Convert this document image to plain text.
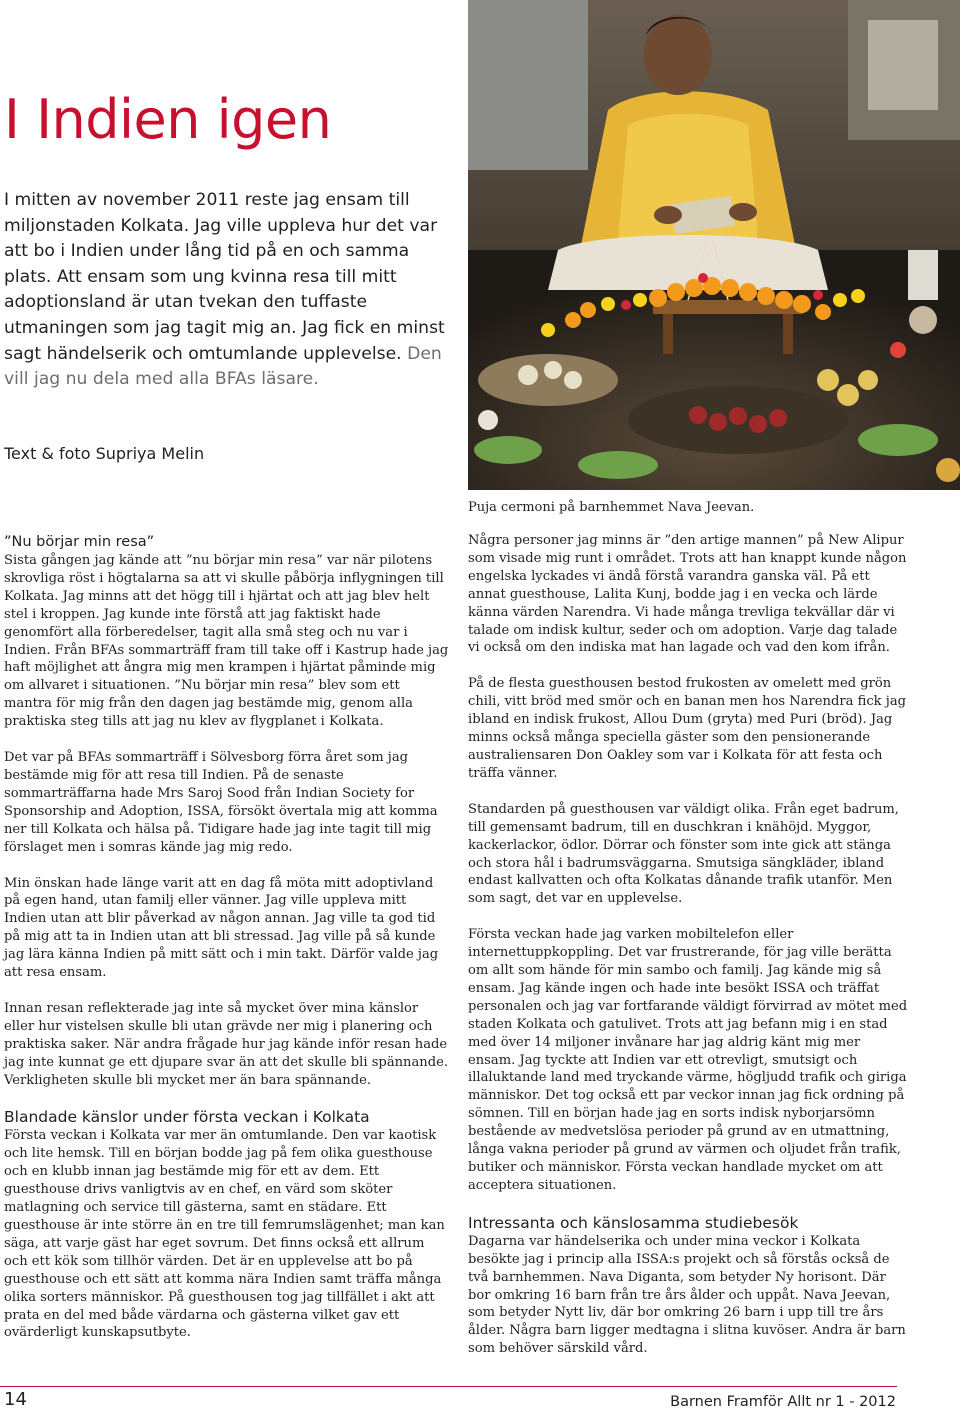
I Indien igen

I mitten av november 2011 reste jag ensam till miljonstaden Kolkata. Jag ville uppleva hur det var att bo i Indien under lång tid på en och samma plats. Att ensam som ung kvinna resa till mitt adoptionsland är utan tvekan den tuffaste utmaningen som jag tagit mig an. Jag fick en minst sagt händelserik och omtumlande upplevelse. Den vill jag nu dela med alla BFAs läsare.

Text & foto Supriya Melin

Puja cermoni på barnhemmet Nava Jeevan.

”Nu börjar min resa”

Sista gången jag kände att ”nu börjar min resa” var när pilotens skrovliga röst i högtalarna sa att vi skulle påbörja inflygningen till Kolkata. Jag minns att det högg till i hjärtat och att jag blev helt stel i kroppen. Jag kunde inte förstå att jag faktiskt hade genomfört alla förberedelser, tagit alla små steg och nu var i Indien. Från BFAs sommarträff fram till take off i Kastrup hade jag haft möjlighet att ångra mig men krampen i hjärtat påminde mig om allvaret i situationen. ”Nu börjar min resa” blev som ett mantra för mig från den dagen jag bestämde mig, genom alla praktiska steg tills att jag nu klev av flygplanet i Kolkata.

Det var på BFAs sommarträff i Sölvesborg förra året som jag bestämde mig för att resa till Indien. På de senaste sommarträffarna hade Mrs Saroj Sood från Indian Society for Sponsorship and Adoption, ISSA, försökt övertala mig att komma ner till Kolkata och hälsa på. Tidigare hade jag inte tagit till mig förslaget men i somras kände jag mig redo.

Min önskan hade länge varit att en dag få möta mitt adoptivland på egen hand, utan familj eller vänner. Jag ville uppleva mitt Indien utan att blir påverkad av någon annan. Jag ville ta god tid på mig att ta in Indien utan att bli stressad. Jag ville på så kunde jag lära känna Indien på mitt sätt och i min takt. Därför valde jag att resa ensam.

Innan resan reflekterade jag inte så mycket över mina känslor eller hur vistelsen skulle bli utan grävde ner mig i planering och praktiska saker. När andra frågade hur jag kände inför resan hade jag inte kunnat ge ett djupare svar än att det skulle bli spännande. Verkligheten skulle bli mycket mer än bara spännande.

Blandade känslor under första veckan i Kolkata

Första veckan i Kolkata var mer än omtumlande. Den var kaotisk och lite hemsk. Till en början bodde jag på fem olika guesthouse och en klubb innan jag bestämde mig för ett av dem. Ett guesthouse drivs vanligtvis av en chef, en värd som sköter matlagning och service till gästerna, samt en städare. Ett guesthouse är inte större än en tre till femrumslägenhet; man kan säga, att varje gäst har eget sovrum. Det finns också ett allrum och ett kök som tillhör värden. Det är en upplevelse att bo på guesthouse och ett sätt att komma nära Indien samt träffa många olika sorters människor. På guesthousen tog jag tillfället i akt att prata en del med både värdarna och gästerna vilket gav ett ovärderligt kunskapsutbyte.

Några personer jag minns är ”den artige mannen” på New Alipur som visade mig runt i området. Trots att han knappt kunde någon engelska lyckades vi ändå förstå varandra ganska väl. På ett annat guesthouse, Lalita Kunj, bodde jag i en vecka och lärde känna värden Narendra. Vi hade många trevliga tekvällar där vi talade om indisk kultur, seder och om adoption. Varje dag talade vi också om den indiska mat han lagade och vad den kom ifrån.

På de flesta guesthousen bestod frukosten av omelett med grön chili, vitt bröd med smör och en banan men hos Narendra fick jag ibland en indisk frukost, Allou Dum (gryta) med Puri (bröd). Jag minns också många speciella gäster som den pensionerande australiensaren Don Oakley som var i Kolkata för att festa och träffa vänner.

Standarden på guesthousen var väldigt olika. Från eget badrum, till gemensamt badrum, till en duschkran i knähöjd. Myggor, kackerlackor, ödlor. Dörrar och fönster som inte gick att stänga och stora hål i badrumsväggarna. Smutsiga sängkläder, ibland endast kallvatten och ofta Kolkatas dånande trafik utanför. Men som sagt, det var en upplevelse.

Första veckan hade jag varken mobiltelefon eller internettuppkoppling. Det var frustrerande, för jag ville berätta om allt som hände för min sambo och familj. Jag kände mig så ensam. Jag kände ingen och hade inte besökt ISSA och träffat personalen och jag var fortfarande väldigt förvirrad av mötet med staden Kolkata och gatulivet. Trots att jag befann mig i en stad med över 14 miljoner invånare har jag aldrig känt mig mer ensam. Jag tyckte att Indien var ett otrevligt, smutsigt och illaluktande land med tryckande värme, högljudd trafik och giriga människor. Det tog också ett par veckor innan jag fick ordning på sömnen. Till en början hade jag en sorts indisk nyborjarsömn bestående av medvetslösa perioder på grund av en utmattning, långa vakna perioder på grund av värmen och oljudet från trafik, butiker och människor. Första veckan handlade mycket om att acceptera situationen.

Intressanta och känslosamma studiebesök

Dagarna var händelserika och under mina veckor i Kolkata besökte jag i princip alla ISSA:s projekt och så förstås också de två barnhemmen. Nava Diganta, som betyder Ny horisont. Där bor omkring 16 barn från tre års ålder och uppåt. Nava Jeevan, som betyder Nytt liv, där bor omkring 26 barn i upp till tre års ålder. Några barn ligger medtagna i slitna kuvöser. Andra är barn som behöver särskild vård.

14	Barnen Framför Allt nr 1 - 2012
